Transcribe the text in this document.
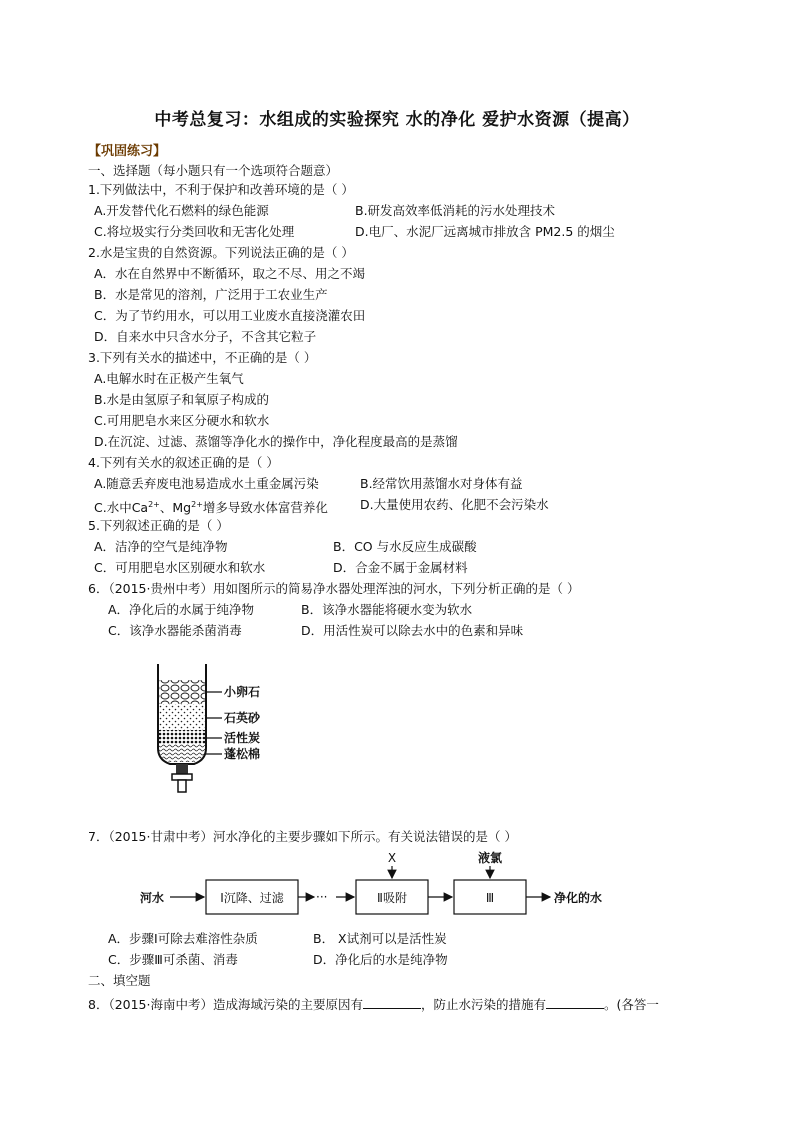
中考总复习：水组成的实验探究 水的净化 爱护水资源（提高）
【巩固练习】
一、选择题（每小题只有一个选项符合题意）
1.下列做法中，不利于保护和改善环境的是（ ）
A.开发替代化石燃料的绿色能源	B.研发高效率低消耗的污水处理技术
C.将垃圾实行分类回收和无害化处理	D.电厂、水泥厂远离城市排放含 PM2.5 的烟尘
2.水是宝贵的自然资源。下列说法正确的是（ ）
A．水在自然界中不断循环，取之不尽、用之不竭
B．水是常见的溶剂，广泛用于工农业生产
C．为了节约用水，可以用工业废水直接浇灌农田
D．自来水中只含水分子，不含其它粒子
3.下列有关水的描述中，不正确的是（ ）
A.电解水时在正极产生氧气
B.水是由氢原子和氧原子构成的
C.可用肥皂水来区分硬水和软水
D.在沉淀、过滤、蒸馏等净化水的操作中，净化程度最高的是蒸馏
4.下列有关水的叙述正确的是（ ）
A.随意丢弃废电池易造成水土重金属污染	B.经常饮用蒸馏水对身体有益
C.水中$Ca^{2+}$、$Mg^{2+}$增多导致水体富营养化	D.大量使用农药、化肥不会污染水
5.下列叙述正确的是（ ）
A．洁净的空气是纯净物	B．CO 与水反应生成碳酸
C．可用肥皂水区别硬水和软水	D．合金不属于金属材料
6．（2015·贵州中考）用如图所示的简易净水器处理浑浊的河水，下列分析正确的是（ ）
A．净化后的水属于纯净物	B．该净水器能将硬水变为软水
C．该净水器能杀菌消毒	D．用活性炭可以除去水中的色素和异味
小卵石
石英砂
活性炭
蓬松棉
7．（2015·甘肃中考）河水净化的主要步骤如下所示。有关说法错误的是（ ）
河水	Ⅰ沉降、过滤	···
X
Ⅱ吸附
液氯
Ⅲ	净化的水
A．步骤Ⅰ可除去难溶性杂质	B． X试剂可以是活性炭
C．步骤Ⅲ可杀菌、消毒	D．净化后的水是纯净物
二、填空题
8．（2015·海南中考）造成海域污染的主要原因有	，防止水污染的措施有	。(各答一
